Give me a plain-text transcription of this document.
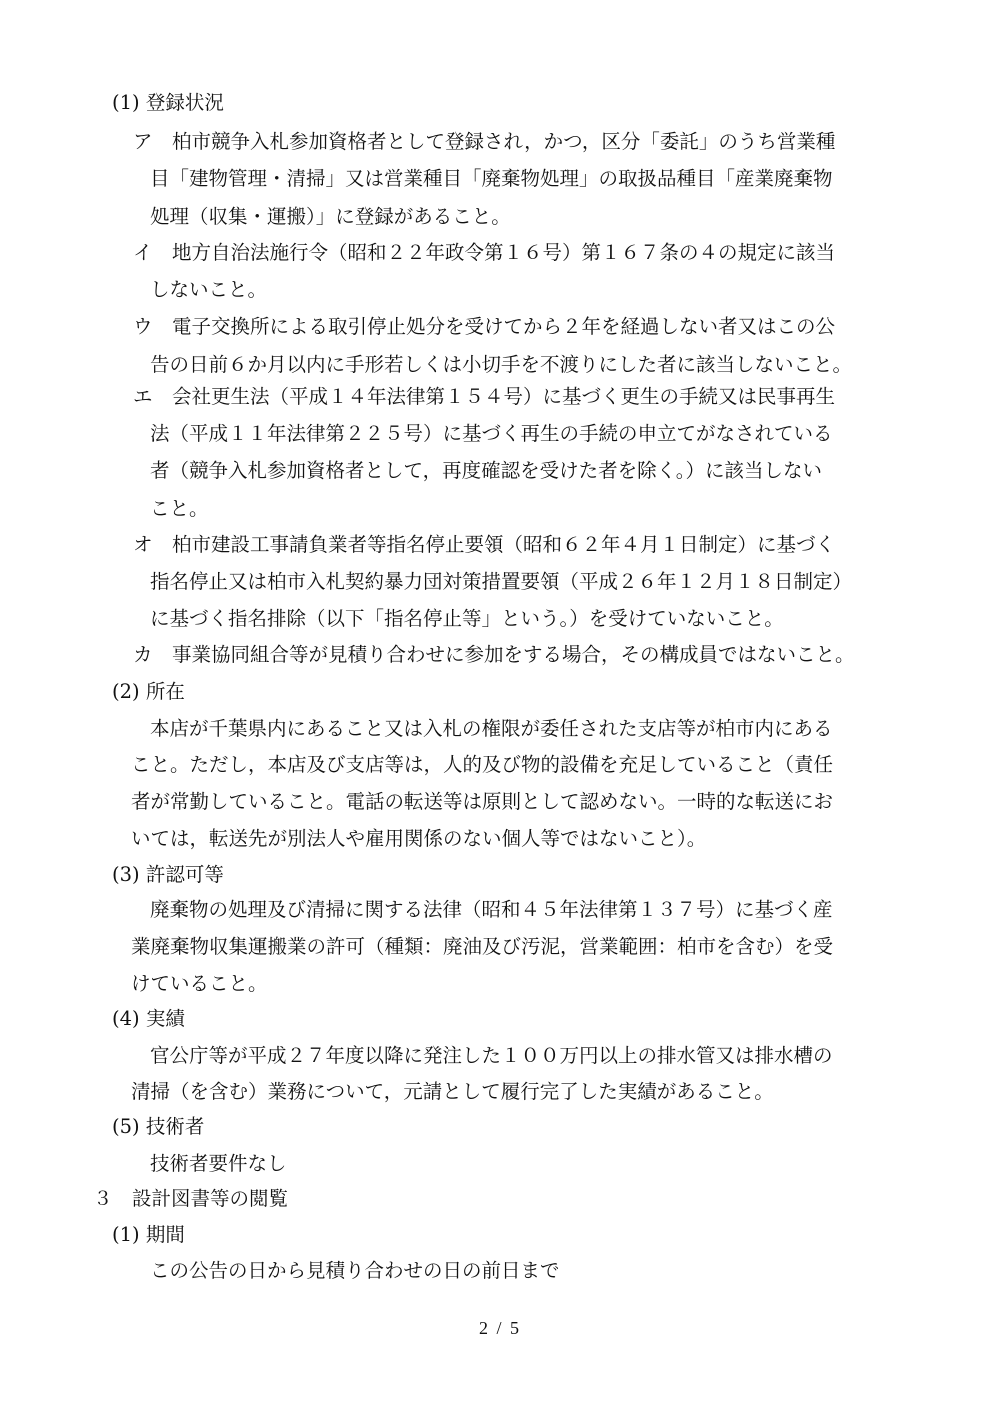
(1) 登録状況
ア　柏市競争入札参加資格者として登録され，かつ，区分「委託」のうち営業種
目「建物管理・清掃」又は営業種目「廃棄物処理」の取扱品種目「産業廃棄物
処理（収集・運搬）」に登録があること。
イ　地方自治法施行令（昭和２２年政令第１６号）第１６７条の４の規定に該当
しないこと。
ウ　電子交換所による取引停止処分を受けてから２年を経過しない者又はこの公
告の日前６か月以内に手形若しくは小切手を不渡りにした者に該当しないこと。
エ　会社更生法（平成１４年法律第１５４号）に基づく更生の手続又は民事再生
法（平成１１年法律第２２５号）に基づく再生の手続の申立てがなされている
者（競争入札参加資格者として，再度確認を受けた者を除く。）に該当しない
こと。
オ　柏市建設工事請負業者等指名停止要領（昭和６２年４月１日制定）に基づく
指名停止又は柏市入札契約暴力団対策措置要領（平成２６年１２月１８日制定）
に基づく指名排除（以下「指名停止等」という。）を受けていないこと。
カ　事業協同組合等が見積り合わせに参加をする場合，その構成員ではないこと。
(2) 所在
本店が千葉県内にあること又は入札の権限が委任された支店等が柏市内にある
こと。ただし，本店及び支店等は，人的及び物的設備を充足していること（責任
者が常勤していること。電話の転送等は原則として認めない。一時的な転送にお
いては，転送先が別法人や雇用関係のない個人等ではないこと）。
(3) 許認可等
廃棄物の処理及び清掃に関する法律（昭和４５年法律第１３７号）に基づく産
業廃棄物収集運搬業の許可（種類：廃油及び汚泥，営業範囲：柏市を含む）を受
けていること。
(4) 実績
官公庁等が平成２７年度以降に発注した１００万円以上の排水管又は排水槽の
清掃（を含む）業務について，元請として履行完了した実績があること。
(5) 技術者
技術者要件なし
３　設計図書等の閲覧
(1) 期間
この公告の日から見積り合わせの日の前日まで
2 / 5
